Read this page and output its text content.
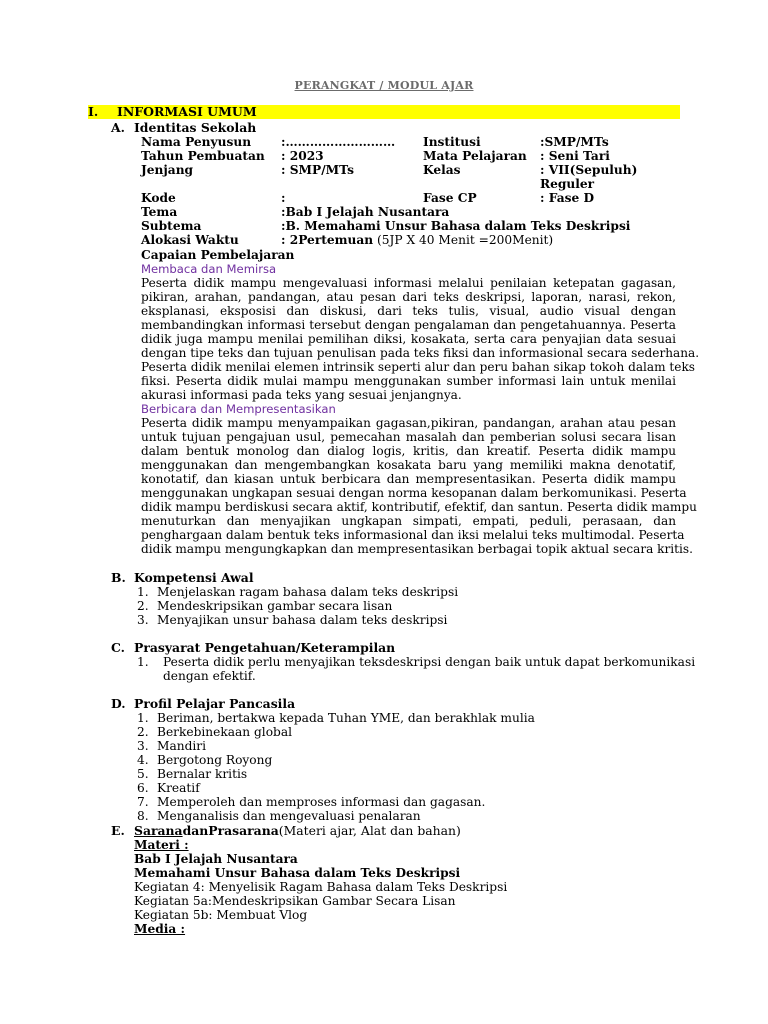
PERANGKAT / MODUL AJAR
I. INFORMASI UMUM
A. Identitas Sekolah
Nama Penyusun :……………………… Institusi	:SMP/MTs
Tahun Pembuatan : 2023	Mata Pelajaran : Seni Tari
Jenjang	: SMP/MTs	Kelas	: VII(Sepuluh)
Reguler
Kode	:	Fase CP	: Fase D
Tema	:Bab I Jelajah Nusantara
Subtema	:B. Memahami Unsur Bahasa dalam Teks Deskripsi
Alokasi Waktu	: 2Pertemuan (5JP X 40 Menit =200Menit)
Capaian Pembelajaran
Membaca dan Memirsa
Peserta didik mampu mengevaluasi informasi melalui penilaian ketepatan gagasan,
pikiran, arahan, pandangan, atau pesan dari teks deskripsi, laporan, narasi, rekon,
eksplanasi, eksposisi dan diskusi, dari teks tulis, visual, audio visual dengan
membandingkan informasi tersebut dengan pengalaman dan pengetahuannya. Peserta
didik juga mampu menilai pemilihan diksi, kosakata, serta cara penyajian data sesuai
dengan tipe teks dan tujuan penulisan pada teks fiksi dan informasional secara sederhana.
Peserta didik menilai elemen intrinsik seperti alur dan peru bahan sikap tokoh dalam teks
fiksi. Peserta didik mulai mampu menggunakan sumber informasi lain untuk menilai
akurasi informasi pada teks yang sesuai jenjangnya.
Berbicara dan Mempresentasikan
Peserta didik mampu menyampaikan gagasan,pikiran, pandangan, arahan atau pesan
untuk tujuan pengajuan usul, pemecahan masalah dan pemberian solusi secara lisan
dalam bentuk monolog dan dialog logis, kritis, dan kreatif. Peserta didik mampu
menggunakan dan mengembangkan kosakata baru yang memiliki makna denotatif,
konotatif, dan kiasan untuk berbicara dan mempresentasikan. Peserta didik mampu
menggunakan ungkapan sesuai dengan norma kesopanan dalam berkomunikasi. Peserta
didik mampu berdiskusi secara aktif, kontributif, efektif, dan santun. Peserta didik mampu
menuturkan dan menyajikan ungkapan simpati, empati, peduli, perasaan, dan
penghargaan dalam bentuk teks informasional dan iksi melalui teks multimodal. Peserta
didik mampu mengungkapkan dan mempresentasikan berbagai topik aktual secara kritis.
B. Kompetensi Awal
1. Menjelaskan ragam bahasa dalam teks deskripsi
2. Mendeskripsikan gambar secara lisan
3. Menyajikan unsur bahasa dalam teks deskripsi
C. Prasyarat Pengetahuan/Keterampilan
1. Peserta didik perlu menyajikan teksdeskripsi dengan baik untuk dapat berkomunikasi
dengan efektif.
D. Profil Pelajar Pancasila
1. Beriman, bertakwa kepada Tuhan YME, dan berakhlak mulia
2. Berkebinekaan global
3. Mandiri
4. Bergotong Royong
5. Bernalar kritis
6. Kreatif
7. Memperoleh dan memproses informasi dan gagasan.
8. Menganalisis dan mengevaluasi penalaran
E. SaranadanPrasarana(Materi ajar, Alat dan bahan)
Materi :
Bab I Jelajah Nusantara
Memahami Unsur Bahasa dalam Teks Deskripsi
Kegiatan 4: Menyelisik Ragam Bahasa dalam Teks Deskripsi
Kegiatan 5a:Mendeskripsikan Gambar Secara Lisan
Kegiatan 5b: Membuat Vlog
Media :
